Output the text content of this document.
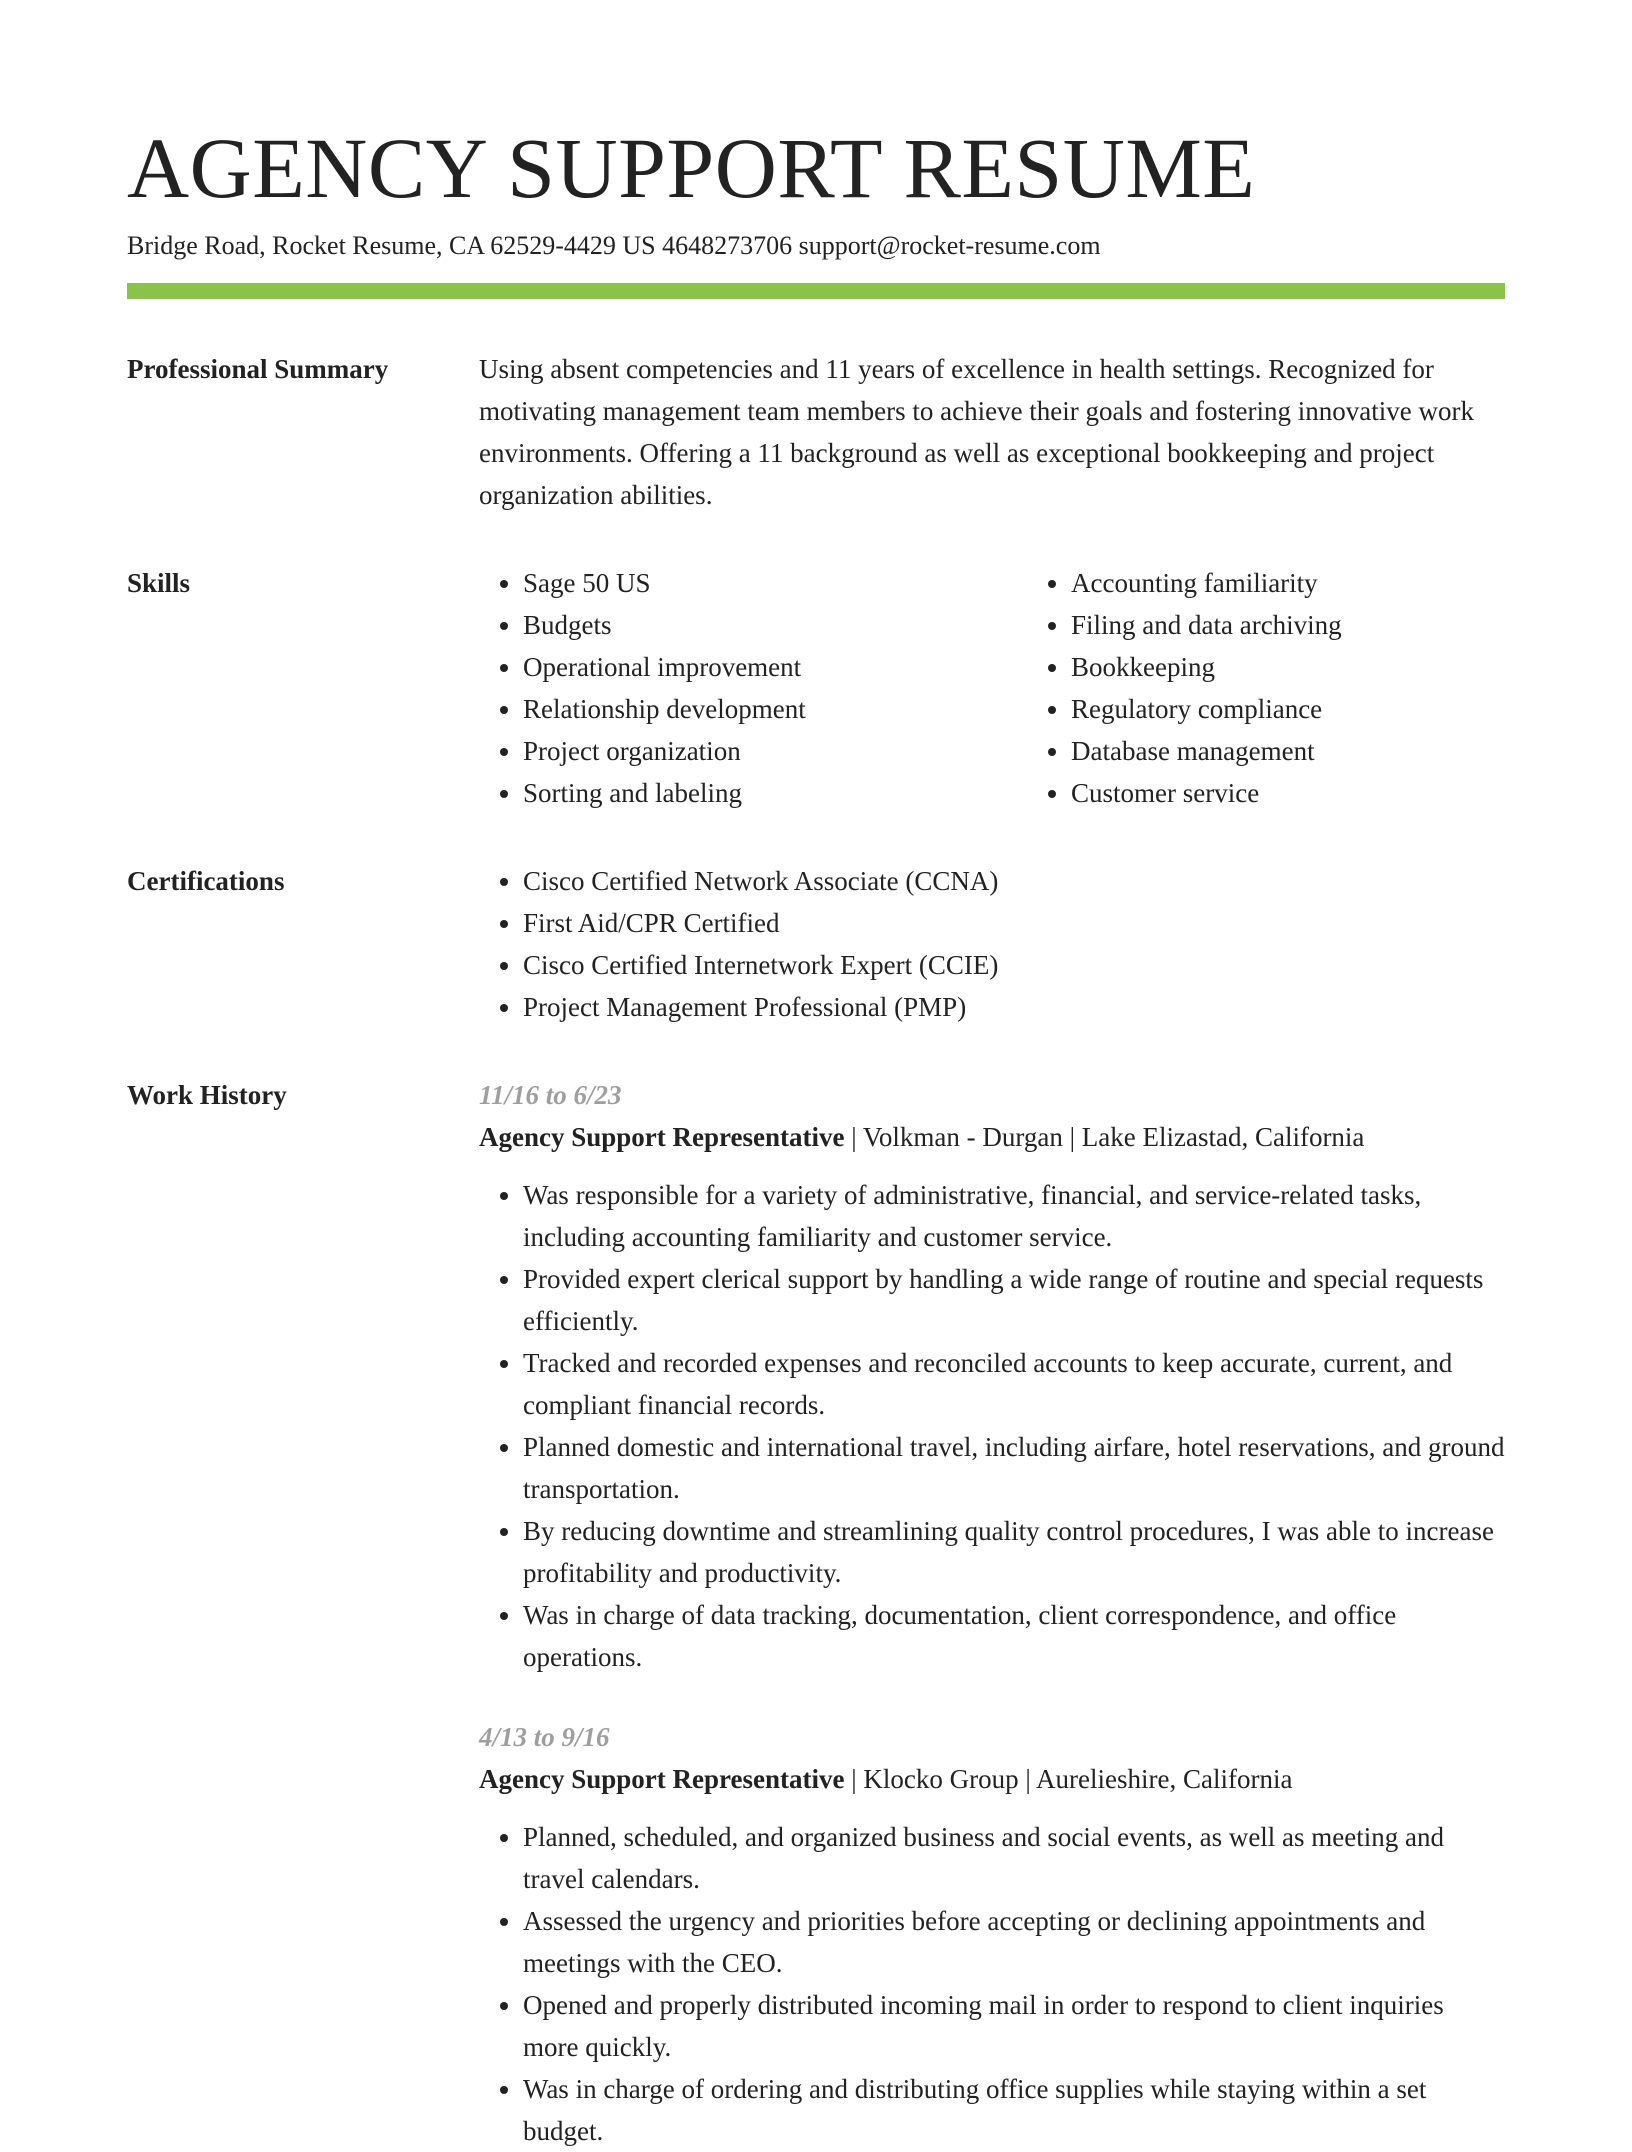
AGENCY SUPPORT RESUME
Bridge Road, Rocket Resume, CA 62529-4429 US 4648273706 support@rocket-resume.com
Professional Summary	Using absent competencies and 11 years of excellence in health settings. Recognized for motivating management team members to achieve their goals and fostering innovative work environments. Offering a 11 background as well as exceptional bookkeeping and project organization abilities.

Skills	• Sage 50 US
• Budgets
• Operational improvement
• Relationship development
• Project organization
• Sorting and labeling
• Accounting familiarity
• Filing and data archiving
• Bookkeeping
• Regulatory compliance
• Database management
• Customer service
Certifications	• Cisco Certified Network Associate (CCNA)
• First Aid/CPR Certified
• Cisco Certified Internetwork Expert (CCIE)
• Project Management Professional (PMP)
Work History	11/16 to 6/23
Agency Support Representative | Volkman - Durgan | Lake Elizastad, California
• Was responsible for a variety of administrative, financial, and service-related tasks, including accounting familiarity and customer service.
• Provided expert clerical support by handling a wide range of routine and special requests efficiently.
• Tracked and recorded expenses and reconciled accounts to keep accurate, current, and compliant financial records.
• Planned domestic and international travel, including airfare, hotel reservations, and ground transportation.
• By reducing downtime and streamlining quality control procedures, I was able to increase profitability and productivity.
• Was in charge of data tracking, documentation, client correspondence, and office operations.
4/13 to 9/16
Agency Support Representative | Klocko Group | Aurelieshire, California
• Planned, scheduled, and organized business and social events, as well as meeting and travel calendars.
• Assessed the urgency and priorities before accepting or declining appointments and meetings with the CEO.
• Opened and properly distributed incoming mail in order to respond to client inquiries more quickly.
• Was in charge of ordering and distributing office supplies while staying within a set budget.
